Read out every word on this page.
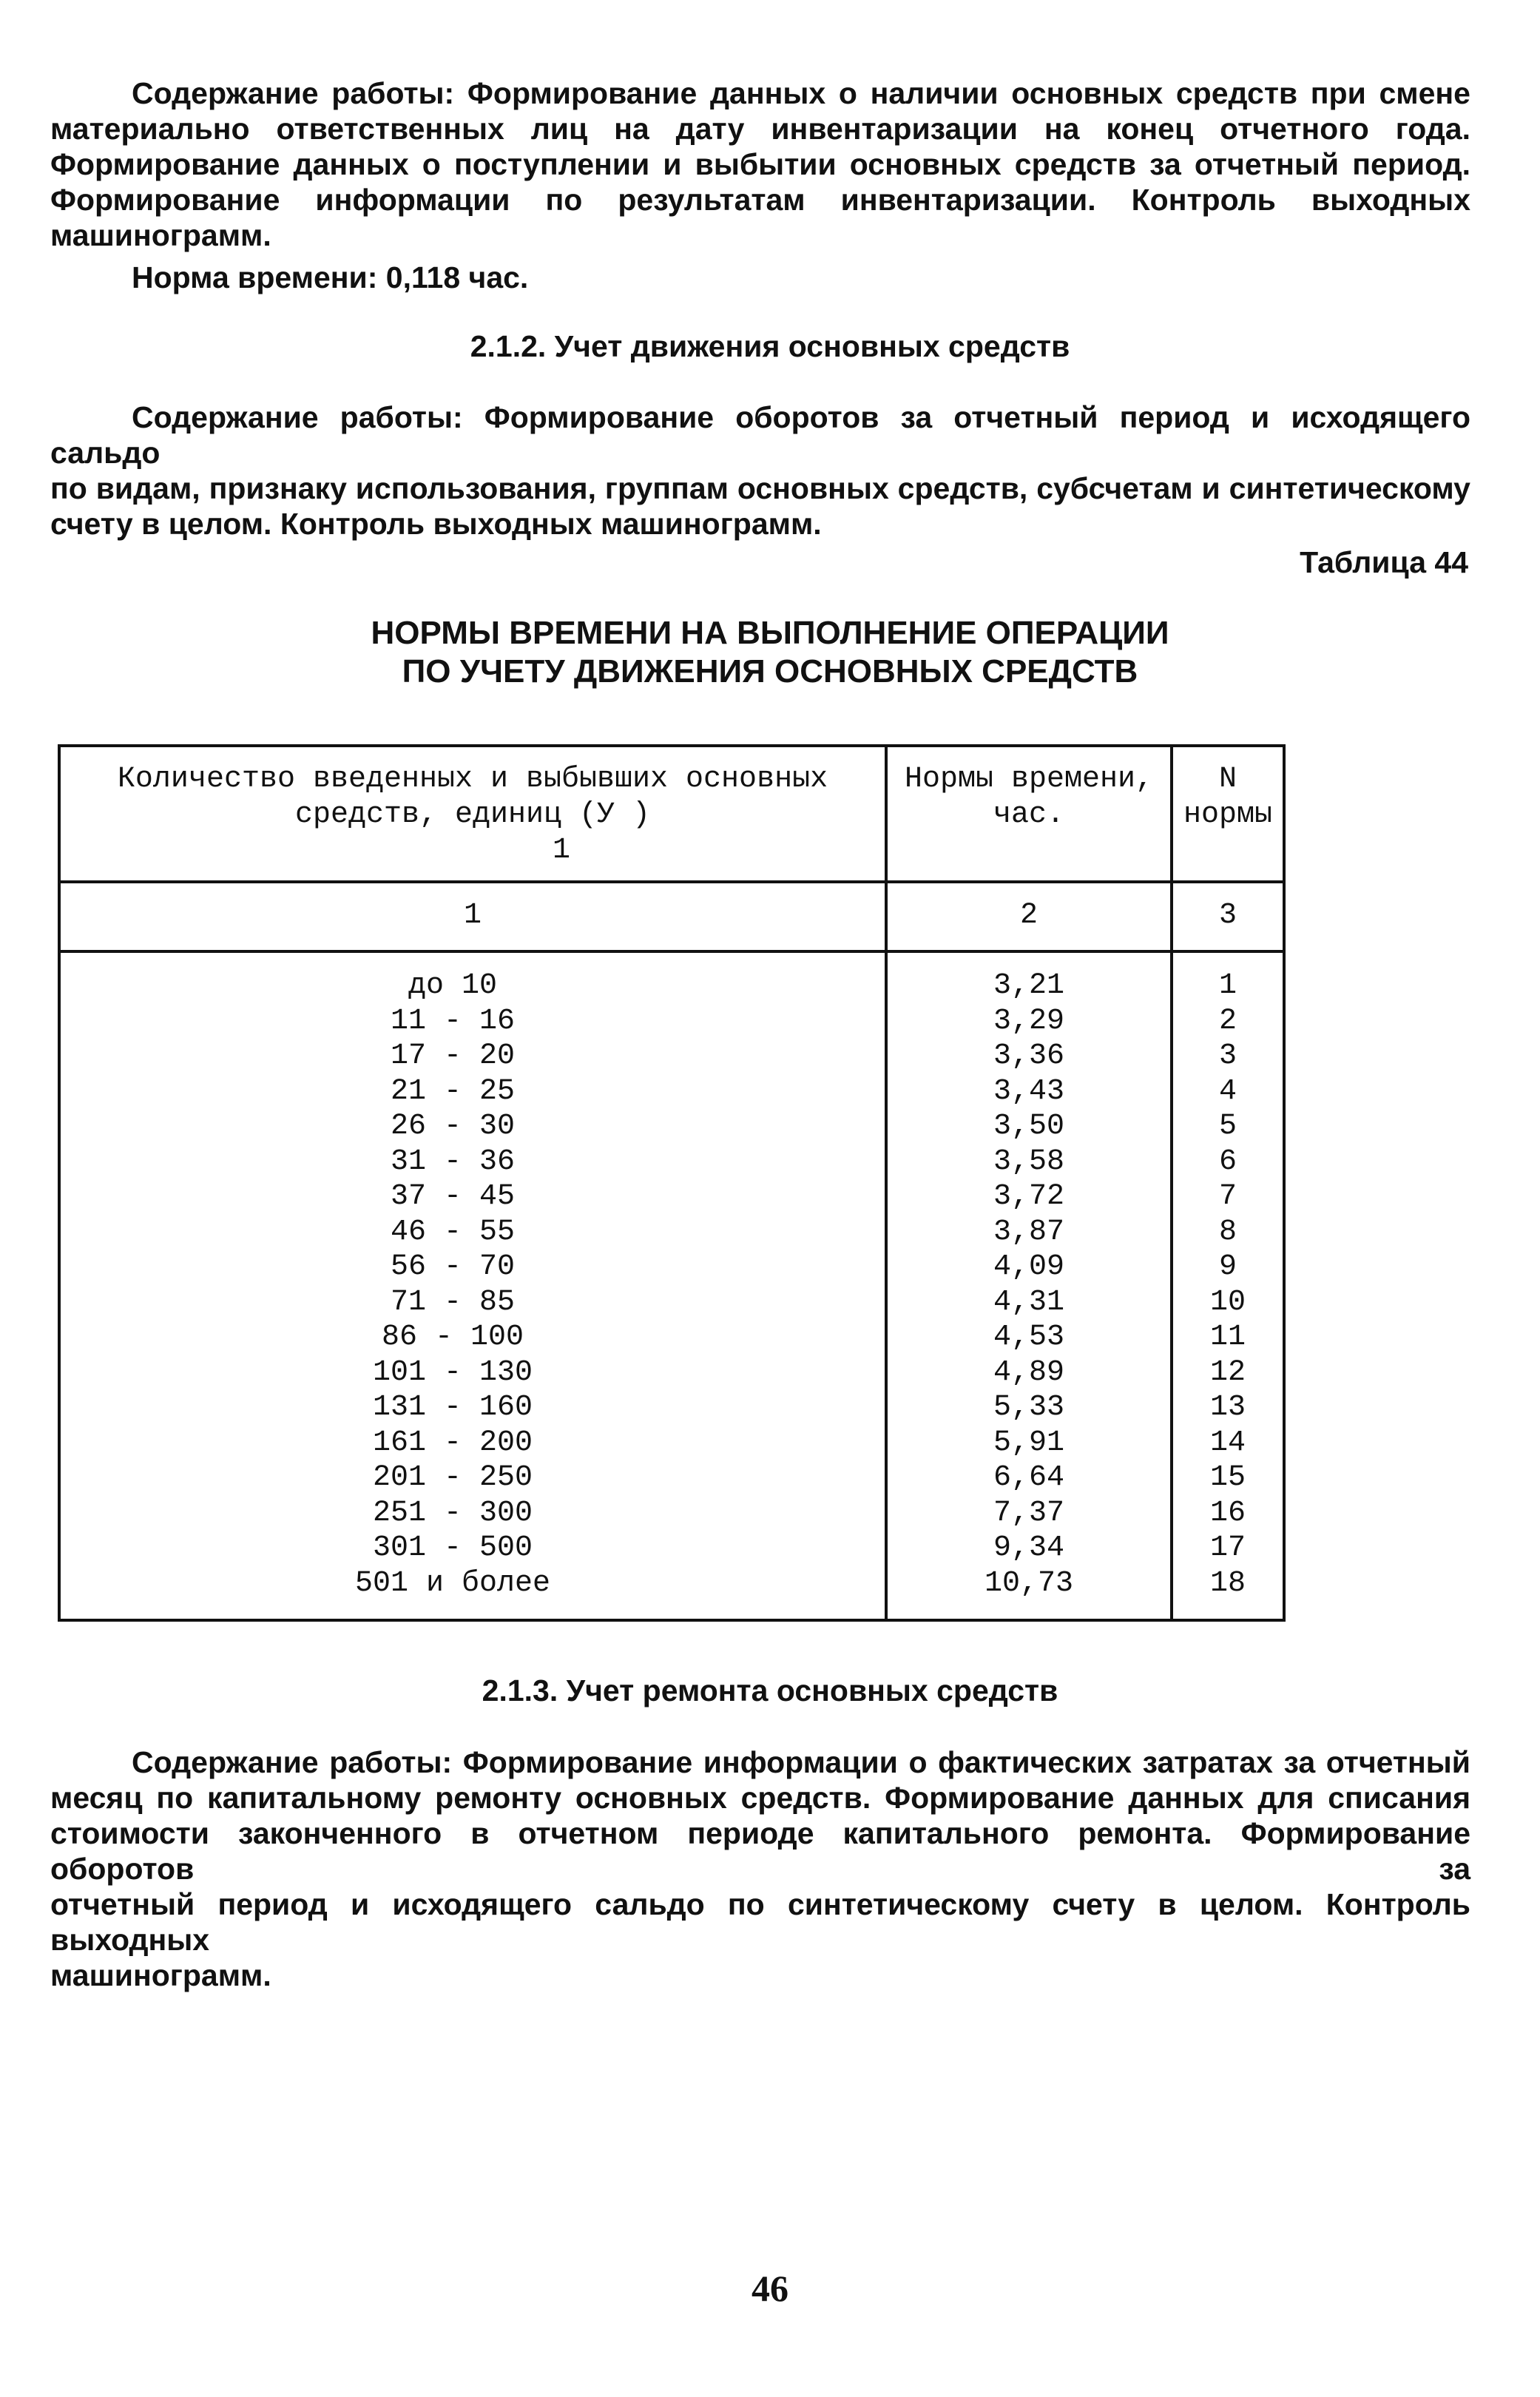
Содержание работы: Формирование данных о наличии основных средств при смене
материально ответственных лиц на дату инвентаризации на конец отчетного года.
Формирование данных о поступлении и выбытии основных средств за отчетный период.
Формирование информации по результатам инвентаризации. Контроль выходных
машинограмм.
Норма времени: 0,118 час.
2.1.2. Учет движения основных средств
Содержание работы: Формирование оборотов за отчетный период и исходящего сальдо
по видам, признаку использования, группам основных средств, субсчетам и синтетическому
счету в целом. Контроль выходных машинограмм.
Таблица 44
НОРМЫ ВРЕМЕНИ НА ВЫПОЛНЕНИЕ ОПЕРАЦИИ
ПО УЧЕТУ ДВИЖЕНИЯ ОСНОВНЫХ СРЕДСТВ
Количество введенных и выбывших основных
средств, единиц (У )
1
Нормы времени,
час.
N
нормы
1	2	3
до 10
11 - 16
17 - 20
21 - 25
26 - 30
31 - 36
37 - 45
46 - 55
56 - 70
71 - 85
86 - 100
101 - 130
131 - 160
161 - 200
201 - 250
251 - 300
301 - 500
501 и более
3,21
3,29
3,36
3,43
3,50
3,58
3,72
3,87
4,09
4,31
4,53
4,89
5,33
5,91
6,64
7,37
9,34
10,73
1
2
3
4
5
6
7
8
9
10
11
12
13
14
15
16
17
18
2.1.3. Учет ремонта основных средств
Содержание работы: Формирование информации о фактических затратах за отчетный
месяц по капитальному ремонту основных средств. Формирование данных для списания
стоимости законченного в отчетном периоде капитального ремонта. Формирование оборотов за
отчетный период и исходящего сальдо по синтетическому счету в целом. Контроль выходных
машинограмм.
46
